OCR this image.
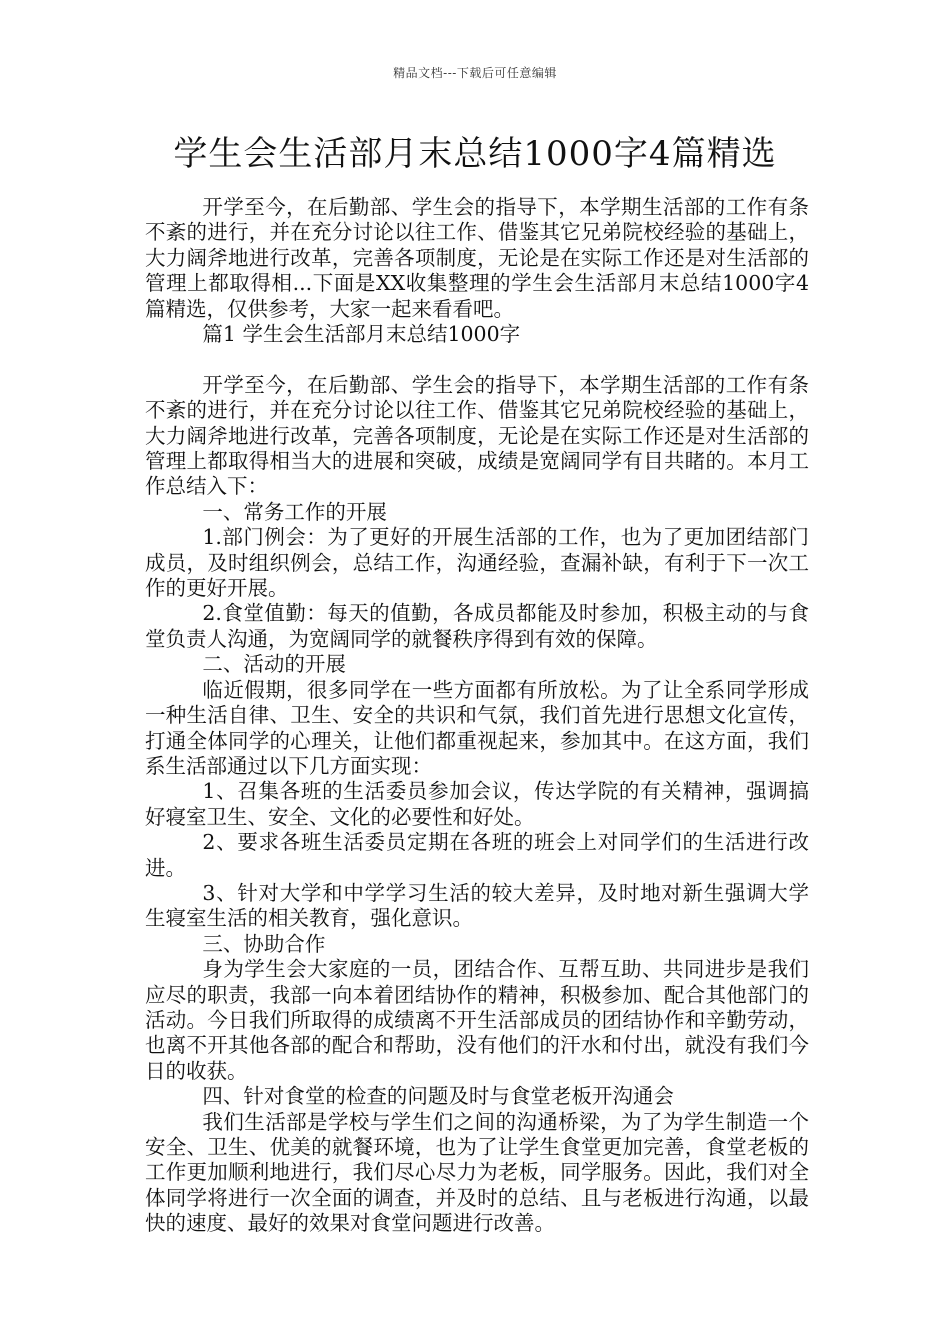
精品文档---下载后可任意编辑
学生会生活部月末总结1000字4篇精选

开学至今，在后勤部、学生会的指导下，本学期生活部的工作有条不紊的进行，并在充分讨论以往工作、借鉴其它兄弟院校经验的基础上，大力阔斧地进行改革，完善各项制度，无论是在实际工作还是对生活部的管理上都取得相...下面是XX收集整理的学生会生活部月末总结1000字4篇精选，仅供参考，大家一起来看看吧。

篇1 学生会生活部月末总结1000字

开学至今，在后勤部、学生会的指导下，本学期生活部的工作有条不紊的进行，并在充分讨论以往工作、借鉴其它兄弟院校经验的基础上，大力阔斧地进行改革，完善各项制度，无论是在实际工作还是对生活部的管理上都取得相当大的进展和突破，成绩是宽阔同学有目共睹的。本月工作总结入下：

一、常务工作的开展

1.部门例会：为了更好的开展生活部的工作，也为了更加团结部门成员，及时组织例会，总结工作，沟通经验，查漏补缺，有利于下一次工作的更好开展。

2.食堂值勤：每天的值勤，各成员都能及时参加，积极主动的与食堂负责人沟通，为宽阔同学的就餐秩序得到有效的保障。

二、活动的开展

临近假期，很多同学在一些方面都有所放松。为了让全系同学形成一种生活自律、卫生、安全的共识和气氛，我们首先进行思想文化宣传，打通全体同学的心理关，让他们都重视起来，参加其中。在这方面，我们系生活部通过以下几方面实现：

1、召集各班的生活委员参加会议，传达学院的有关精神，强调搞好寝室卫生、安全、文化的必要性和好处。

2、要求各班生活委员定期在各班的班会上对同学们的生活进行改进。

3、针对大学和中学学习生活的较大差异，及时地对新生强调大学生寝室生活的相关教育，强化意识。

三、协助合作

身为学生会大家庭的一员，团结合作、互帮互助、共同进步是我们应尽的职责，我部一向本着团结协作的精神，积极参加、配合其他部门的活动。今日我们所取得的成绩离不开生活部成员的团结协作和辛勤劳动，也离不开其他各部的配合和帮助，没有他们的汗水和付出，就没有我们今日的收获。

四、针对食堂的检查的问题及时与食堂老板开沟通会

我们生活部是学校与学生们之间的沟通桥梁，为了为学生制造一个安全、卫生、优美的就餐环境，也为了让学生食堂更加完善，食堂老板的工作更加顺利地进行，我们尽心尽力为老板，同学服务。因此，我们对全体同学将进行一次全面的调查，并及时的总结、且与老板进行沟通，以最快的速度、最好的效果对食堂问题进行改善。
